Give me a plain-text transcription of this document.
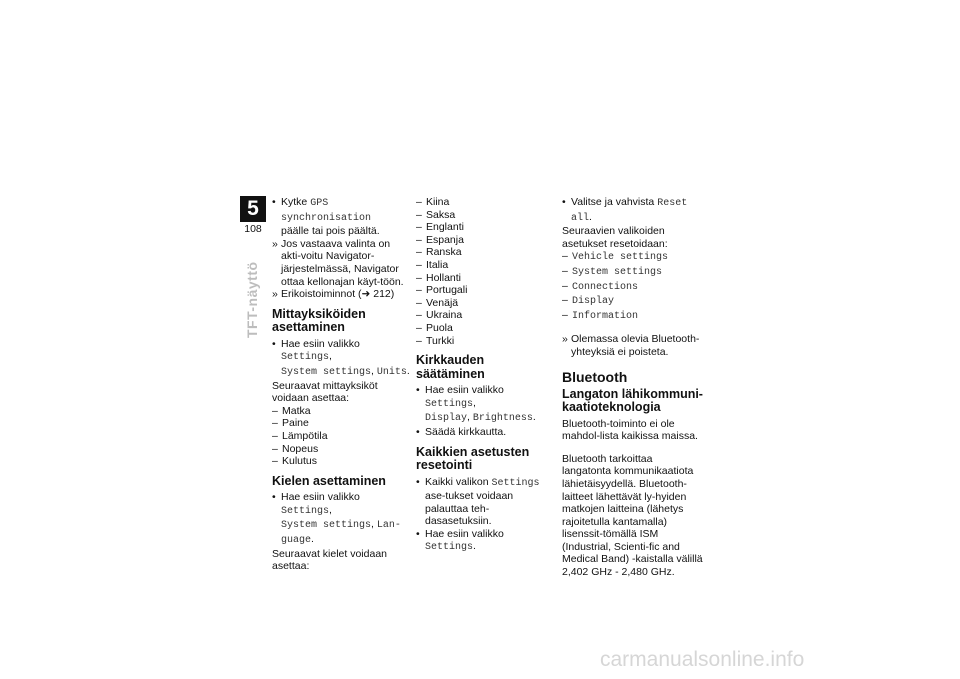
5
108
TFT-näyttö
• Kytke GPS synchronisation
päälle tai pois päältä.
» Jos vastaava valinta on akti-voitu Navigator-järjestelmässä, Navigator ottaa kellonajan käyt-töön.
» Erikoistoiminnot (➜ 212)
Mittayksiköiden asettaminen
• Hae esiin valikko Settings,
System settings, Units.

Seuraavat mittayksiköt voidaan asettaa:

– Matka
– Paine
– Lämpötila
– Nopeus
– Kulutus
Kielen asettaminen
• Hae esiin valikko Settings,
System settings, Lan-guage.

Seuraavat kielet voidaan asettaa:

– Kiina
– Saksa
– Englanti
– Espanja
– Ranska
– Italia
– Hollanti
– Portugali
– Venäjä
– Ukraina
– Puola
– Turkki
Kirkkauden säätäminen
• Hae esiin valikko Settings,
Display, Brightness.
• Säädä kirkkautta.
Kaikkien asetusten resetointi
• Kaikki valikon Settings ase-tukset voidaan palauttaa teh-dasasetuksiin.
• Hae esiin valikko Settings.
• Valitse ja vahvista Reset all.

Seuraavien valikoiden asetukset resetoidaan:

– Vehicle settings
– System settings
– Connections
– Display
– Information
» Olemassa olevia Bluetooth-yhteyksiä ei poisteta.
Bluetooth
Langaton lähikommuni-kaatioteknologia

Bluetooth-toiminto ei ole mahdol-lista kaikissa maissa.

Bluetooth tarkoittaa langatonta kommunikaatiota lähietäisyydellä. Bluetooth-laitteet lähettävät ly-hyiden matkojen laitteina (lähetys rajoitetulla kantamalla) lisenssit-tömällä ISM (Industrial, Scienti-fic and Medical Band) -kaistalla välillä 2,402 GHz - 2,480 GHz.

carmanualsonline.info
